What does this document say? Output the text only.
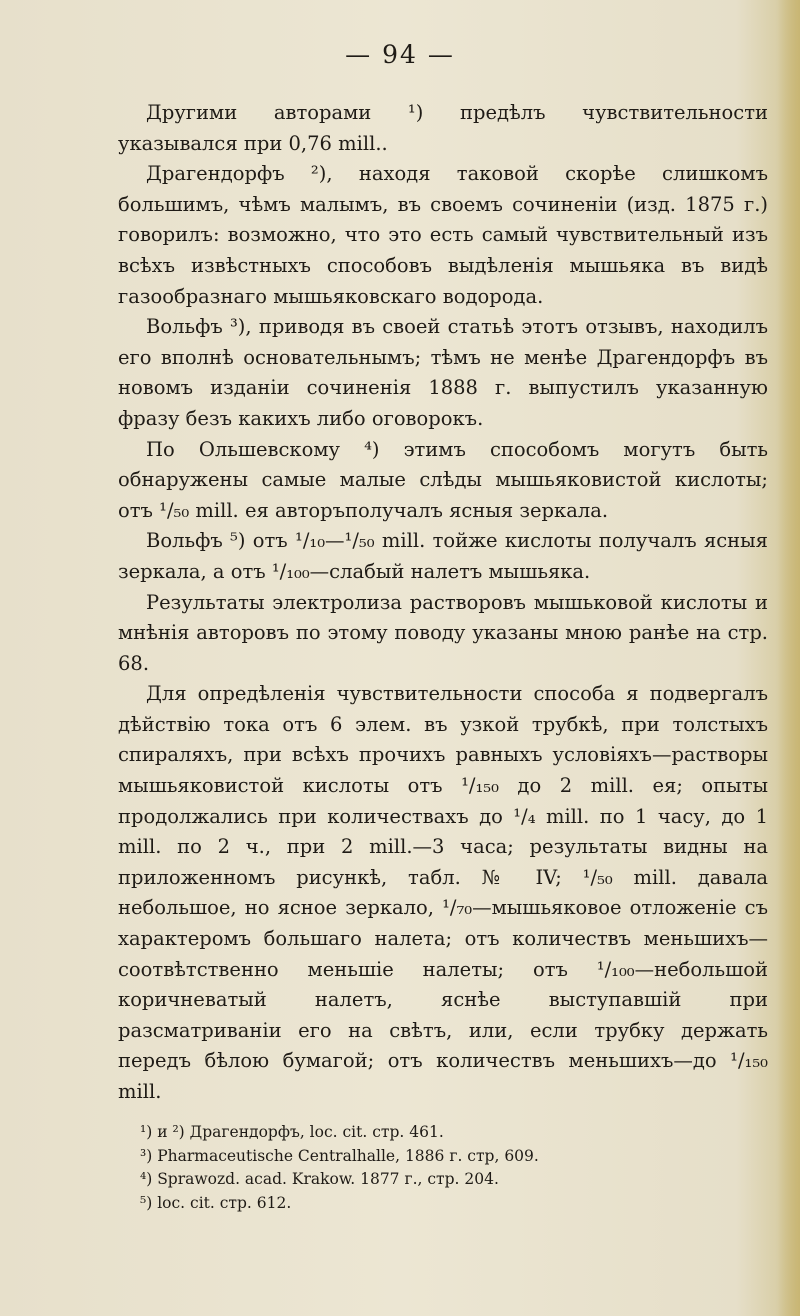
— 94 —

Другими авторами ¹) предѣлъ чувствительности указывался при 0,76 mill..

Драгендорфъ ²), находя таковой скорѣе слишкомъ большимъ, чѣмъ малымъ, въ своемъ сочиненіи (изд. 1875 г.) говорилъ: возможно, что это есть самый чувствительный изъ всѣхъ извѣстныхъ способовъ выдѣленія мышьяка въ видѣ газообразнаго мышьяковскаго водорода.

Вольфъ ³), приводя въ своей статьѣ этотъ отзывъ, находилъ его вполнѣ основательнымъ; тѣмъ не менѣе Драгендорфъ въ новомъ изданіи сочиненія 1888 г. выпустилъ указанную фразу безъ какихъ либо оговорокъ.

По Ольшевскому ⁴) этимъ способомъ могутъ быть обнаружены самые малые слѣды мышьяковистой кислоты; отъ ¹/₅₀ mill. ея авторъполучалъ ясныя зеркала.

Вольфъ ⁵) отъ ¹/₁₀—¹/₅₀ mill. тойже кислоты получалъ ясныя зеркала, а отъ ¹/₁₀₀—слабый налетъ мышьяка.

Результаты электролиза растворовъ мышьковой кислоты и мнѣнія авторовъ по этому поводу указаны мною ранѣе на стр. 68.

Для опредѣленія чувствительности способа я подвергалъ дѣйствію тока отъ 6 элем. въ узкой трубкѣ, при толстыхъ спираляхъ, при всѣхъ прочихъ равныхъ условіяхъ—растворы мышьяковистой кислоты отъ ¹/₁₅₀ до 2 mill. ея; опыты продолжались при количествахъ до ¹/₄ mill. по 1 часу, до 1 mill. по 2 ч., при 2 mill.—3 часа; результаты видны на приложенномъ рисункѣ, табл. № IV; ¹/₅₀ mill. давала небольшое, но ясное зеркало, ¹/₇₀—мышьяковое отложеніе съ характеромъ большаго налета; отъ количествъ меньшихъ—соотвѣтственно меньшіе налеты; отъ ¹/₁₀₀—небольшой коричневатый налетъ, яснѣе выступавшій при разсматриваніи его на свѣтъ, или, если трубку держать передъ бѣлою бумагой; отъ количествъ меньшихъ—до ¹/₁₅₀ mill.

¹) и ²) Драгендорфъ, loc. cit. стр. 461.

³) Pharmaceutische Centralhalle, 1886 г. стр, 609.

⁴) Sprawozd. acad. Krakow. 1877 г., стр. 204.

⁵) loc. cit. стр. 612.
